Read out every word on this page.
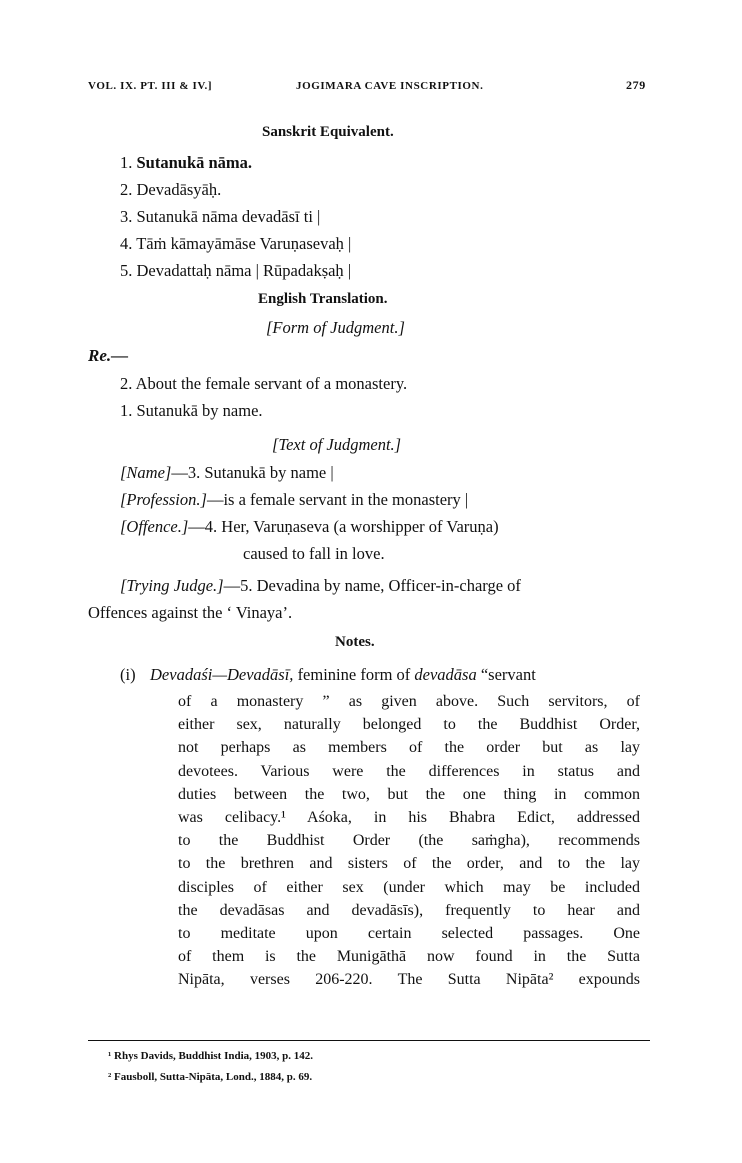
VOL. IX. PT. III & IV.]	JOGIMARA CAVE INSCRIPTION.	279
Sanskrit Equivalent.
1. Sutanukā nāma.
2. Devadāsyāḥ.
3. Sutanukā nāma devadāsī ti |
4. Tāṁ kāmayāmāse Varuṇasevaḥ |
5. Devadattaḥ nāma | Rūpadakṣaḥ |
English Translation.
[Form of Judgment.]
Re.—
2. About the female servant of a monastery.
1. Sutanukā by name.
[Text of Judgment.]
[Name]—3. Sutanukā by name |
[Profession.]—is a female servant in the monastery |
[Offence.]—4. Her, Varuṇaseva (a worshipper of Varuṇa)
caused to fall in love.
[Trying Judge.]—5. Devadina by name, Officer-in-charge of
Offences against the ‘ Vinaya’.
Notes.
(i) Devadaśi—Devadāsī, feminine form of devadāsa “servant
of a monastery ” as given above. Such servitors, of
either sex, naturally belonged to the Buddhist Order,
not perhaps as members of the order but as lay
devotees. Various were the differences in status and
duties between the two, but the one thing in common
was celibacy.¹ Aśoka, in his Bhabra Edict, addressed
to the Buddhist Order (the saṁgha), recommends
to the brethren and sisters of the order, and to the lay
disciples of either sex (under which may be included
the devadāsas and devadāsīs), frequently to hear and
to meditate upon certain selected passages. One
of them is the Munigāthā now found in the Sutta
Nipāta, verses 206-220. The Sutta Nipāta² expounds
¹ Rhys Davids, Buddhist India, 1903, p. 142.
² Fausboll, Sutta-Nipāta, Lond., 1884, p. 69.
